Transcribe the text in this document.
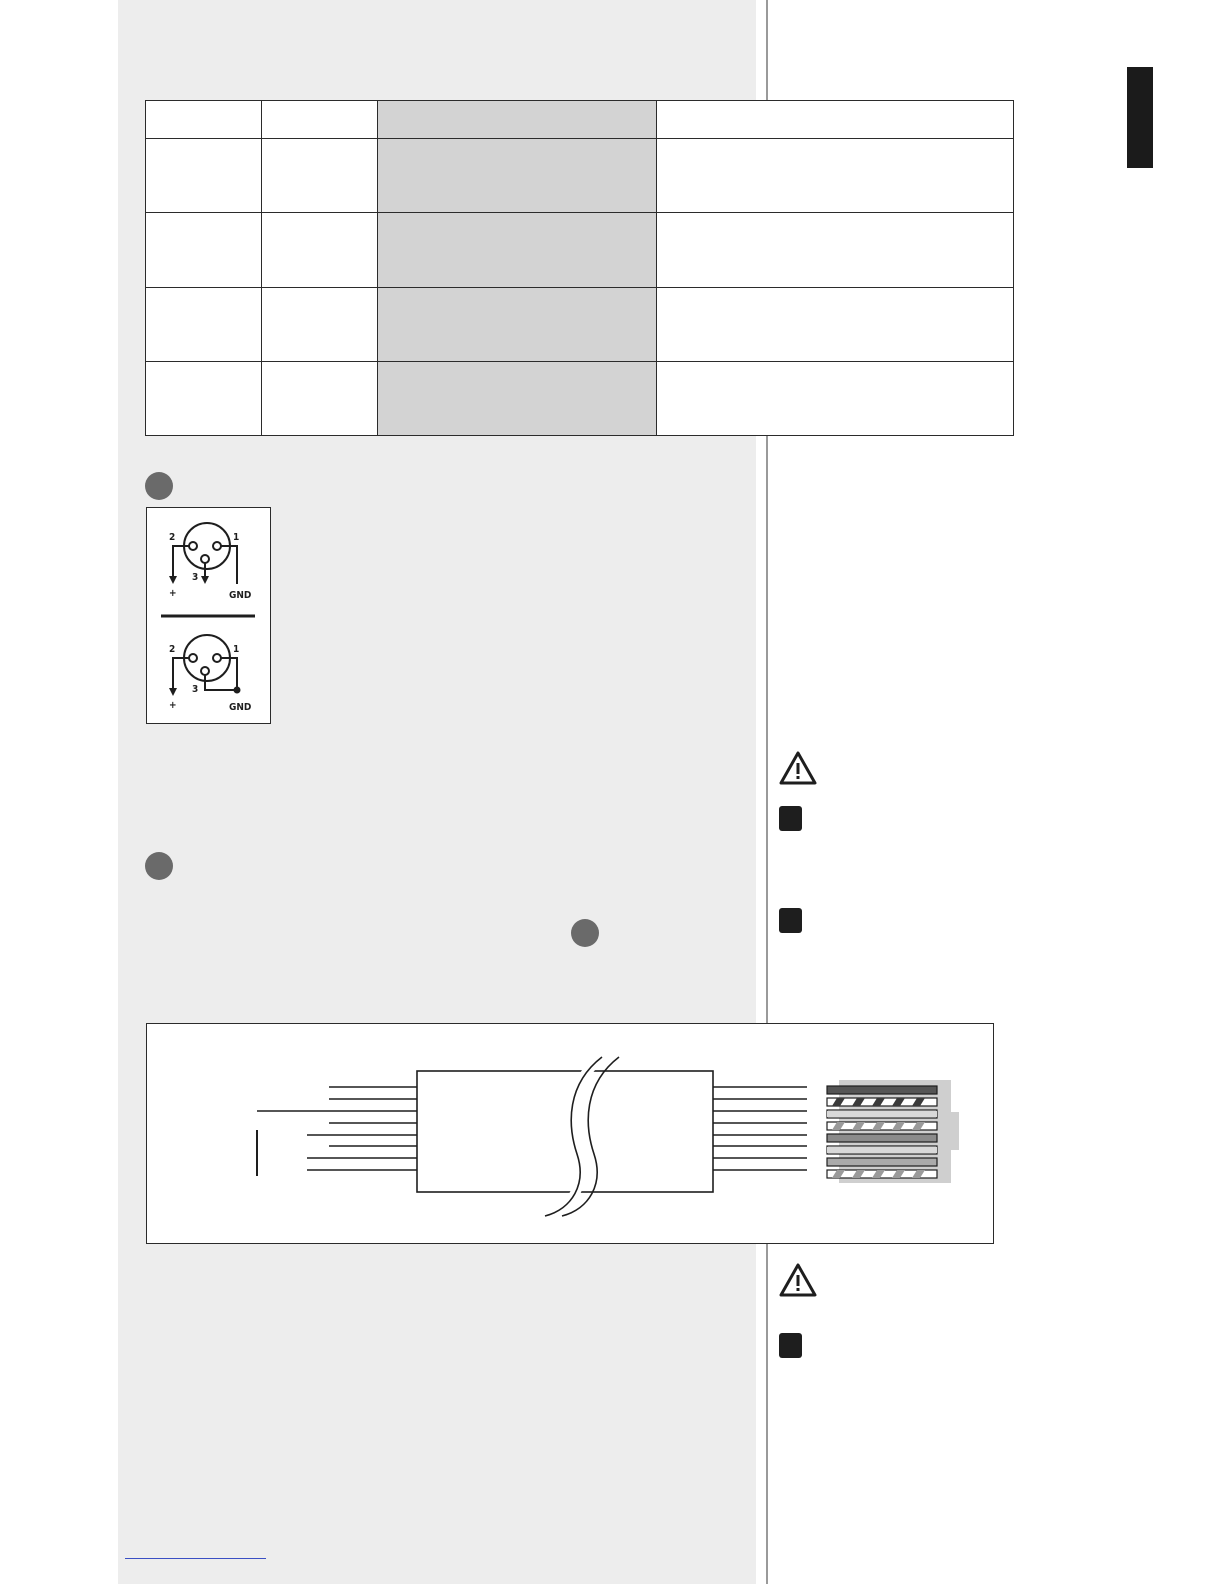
2	1
3
+	GND
2	1
3
+	GND
